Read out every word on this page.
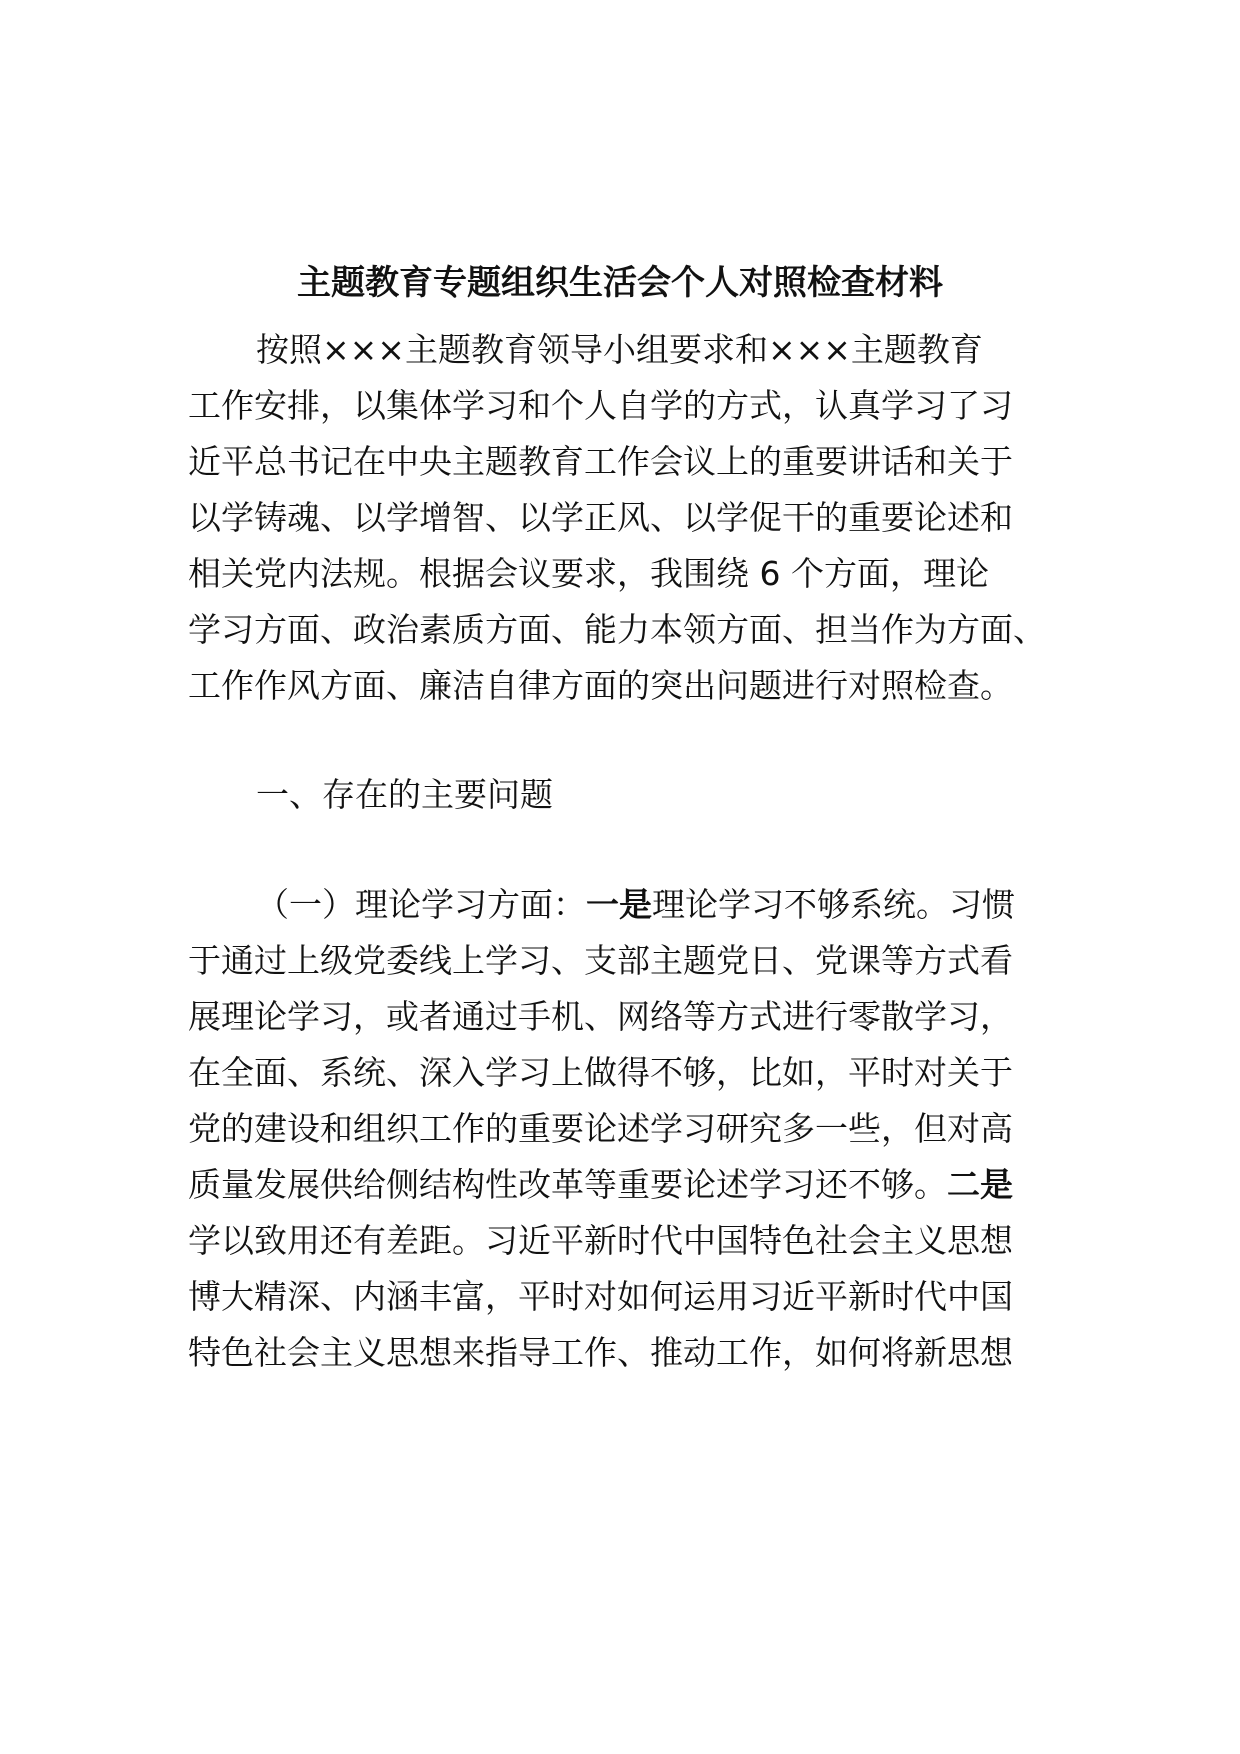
主题教育专题组织生活会个人对照检查材料
按照×××主题教育领导小组要求和×××主题教育
工作安排，以集体学习和个人自学的方式，认真学习了习
近平总书记在中央主题教育工作会议上的重要讲话和关于
以学铸魂、以学增智、以学正风、以学促干的重要论述和
相关党内法规。根据会议要求，我围绕 6 个方面，理论
学习方面、政治素质方面、能力本领方面、担当作为方面、
工作作风方面、廉洁自律方面的突出问题进行对照检查。
一、存在的主要问题
（一）理论学习方面：一是理论学习不够系统。习惯
于通过上级党委线上学习、支部主题党日、党课等方式看
展理论学习，或者通过手机、网络等方式进行零散学习，
在全面、系统、深入学习上做得不够，比如，平时对关于
党的建设和组织工作的重要论述学习研究多一些，但对高
质量发展供给侧结构性改革等重要论述学习还不够。二是
学以致用还有差距。习近平新时代中国特色社会主义思想
博大精深、内涵丰富，平时对如何运用习近平新时代中国
特色社会主义思想来指导工作、推动工作，如何将新思想
